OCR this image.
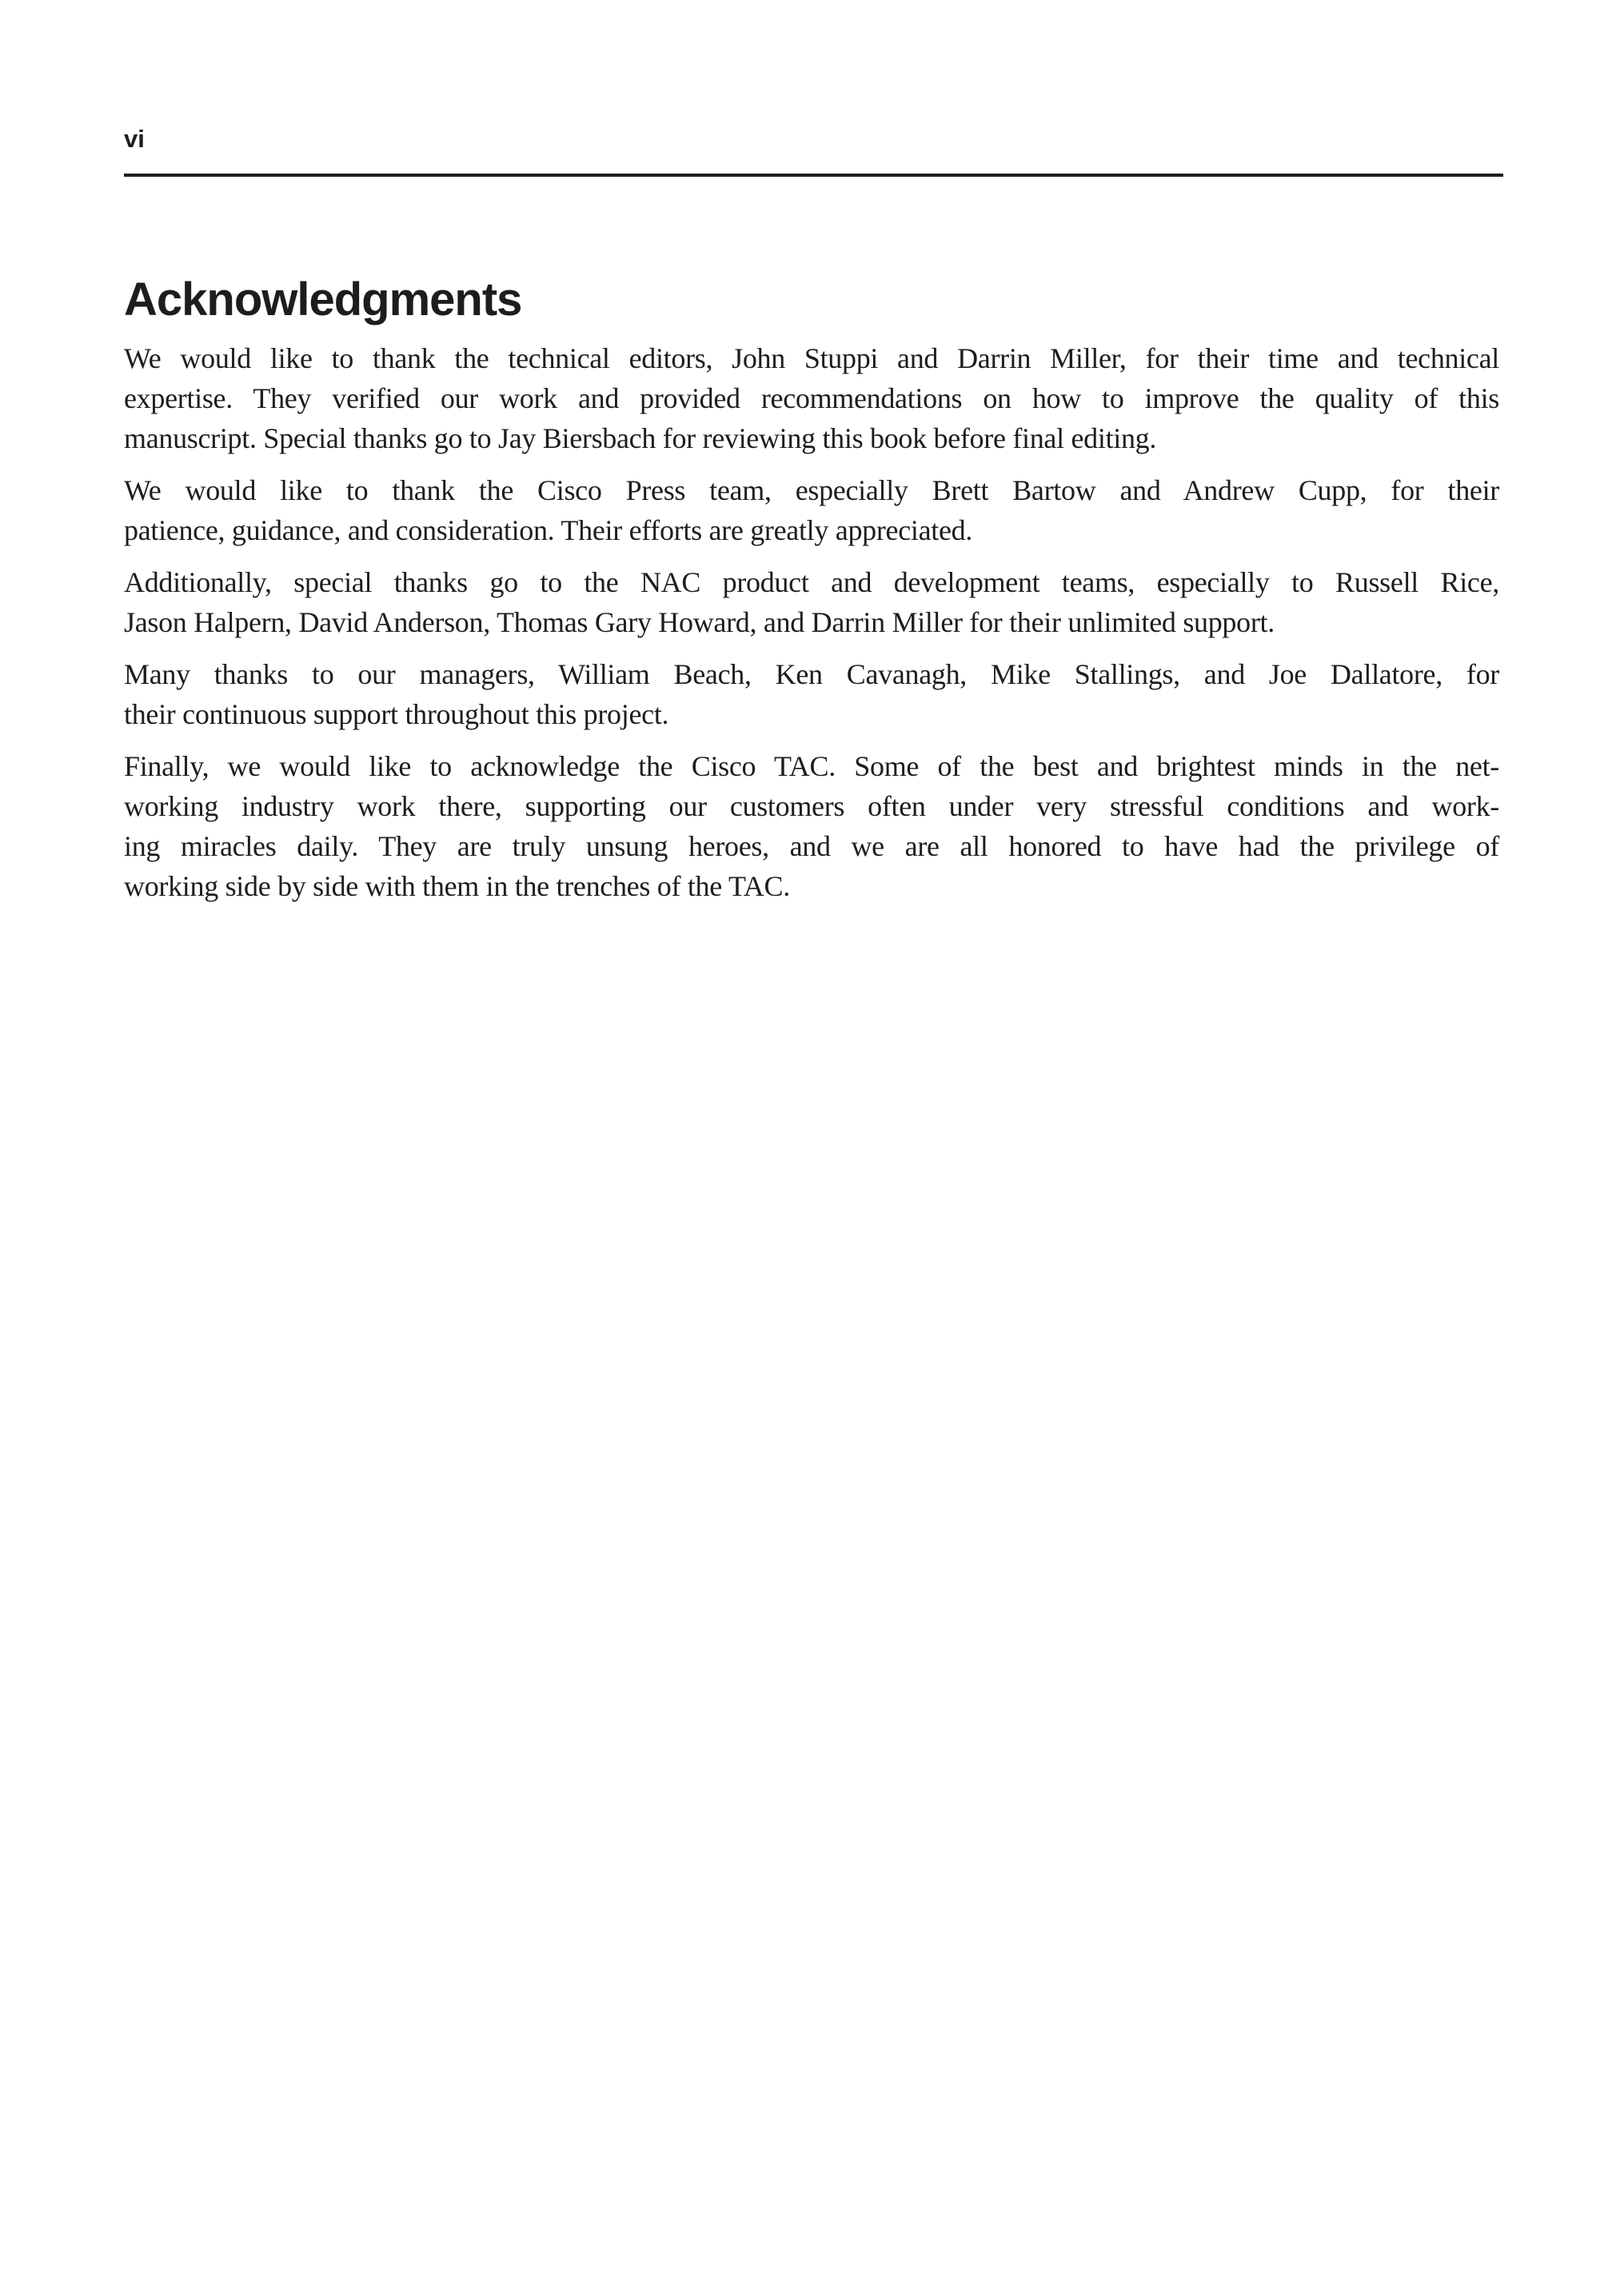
vi
Acknowledgments
We would like to thank the technical editors, John Stuppi and Darrin Miller, for their time and technical
expertise. They verified our work and provided recommendations on how to improve the quality of this
manuscript. Special thanks go to Jay Biersbach for reviewing this book before final editing.
We would like to thank the Cisco Press team, especially Brett Bartow and Andrew Cupp, for their
patience, guidance, and consideration. Their efforts are greatly appreciated.
Additionally, special thanks go to the NAC product and development teams, especially to Russell Rice,
Jason Halpern, David Anderson, Thomas Gary Howard, and Darrin Miller for their unlimited support.
Many thanks to our managers, William Beach, Ken Cavanagh, Mike Stallings, and Joe Dallatore, for
their continuous support throughout this project.
Finally, we would like to acknowledge the Cisco TAC. Some of the best and brightest minds in the net-
working industry work there, supporting our customers often under very stressful conditions and work-
ing miracles daily. They are truly unsung heroes, and we are all honored to have had the privilege of
working side by side with them in the trenches of the TAC.
